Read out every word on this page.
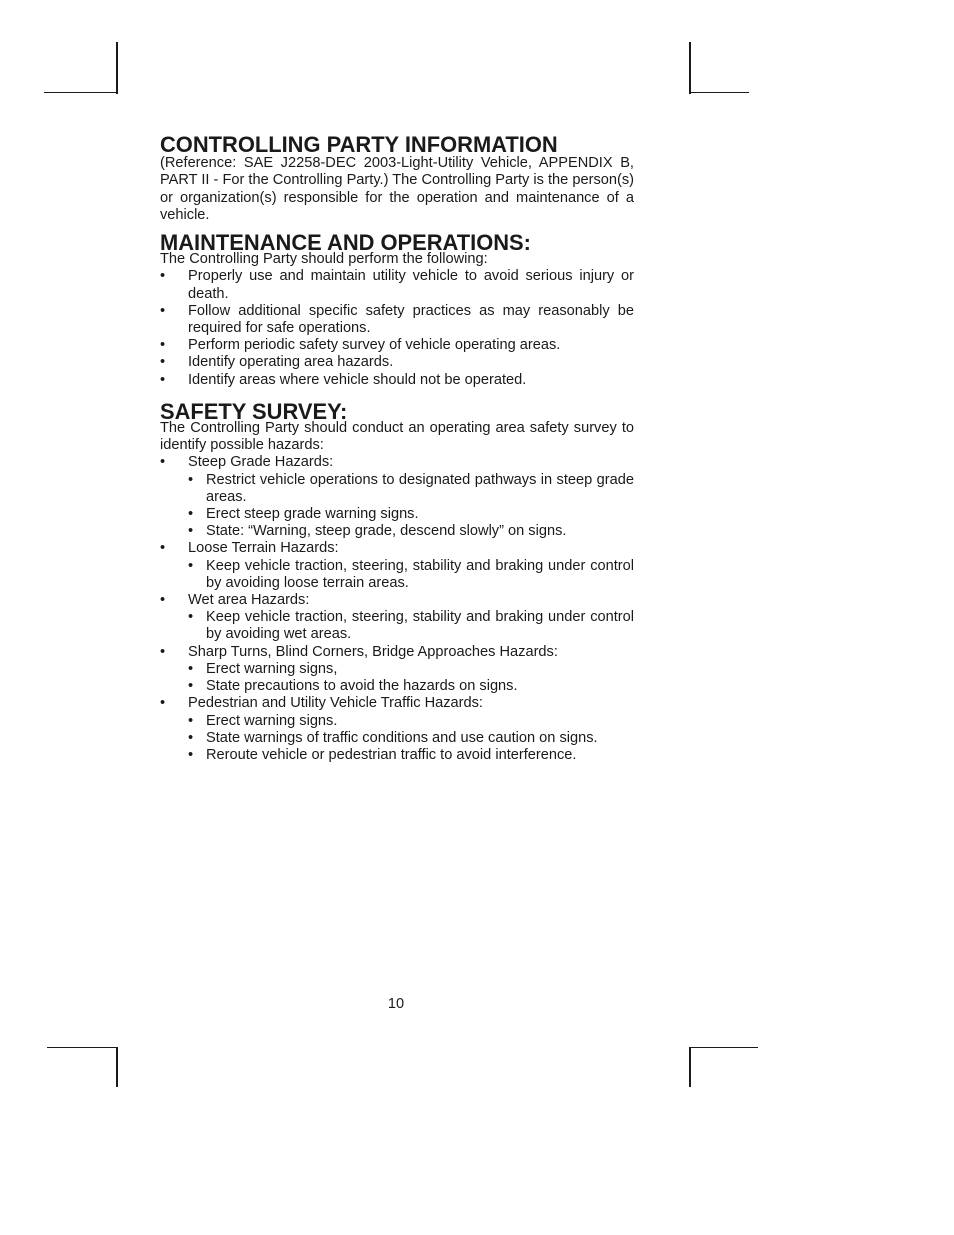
CONTROLLING PARTY INFORMATION

(Reference: SAE J2258-DEC 2003-Light-Utility Vehicle, APPENDIX B, PART II - For the Controlling Party.) The Controlling Party is the person(s) or organization(s) responsible for the operation and maintenance of a vehicle.

MAINTENANCE AND OPERATIONS:

The Controlling Party should perform the following:

• Properly use and maintain utility vehicle to avoid serious injury or death.
• Follow additional specific safety practices as may reasonably be required for safe operations.
• Perform periodic safety survey of vehicle operating areas.
• Identify operating area hazards.
• Identify areas where vehicle should not be operated.
SAFETY SURVEY:

The Controlling Party should conduct an operating area safety survey to identify possible hazards:

• Steep Grade Hazards:
• Restrict vehicle operations to designated pathways in steep grade areas.
• Erect steep grade warning signs.
• State: “Warning, steep grade, descend slowly” on signs.
• Loose Terrain Hazards:
• Keep vehicle traction, steering, stability and braking under control by avoiding loose terrain areas.
• Wet area Hazards:
• Keep vehicle traction, steering, stability and braking under control by avoiding wet areas.
• Sharp Turns, Blind Corners, Bridge Approaches Hazards:
• Erect warning signs,
• State precautions to avoid the hazards on signs.
• Pedestrian and Utility Vehicle Traffic Hazards:
• Erect warning signs.
• State warnings of traffic conditions and use caution on signs.
• Reroute vehicle or pedestrian traffic to avoid interference.
10
